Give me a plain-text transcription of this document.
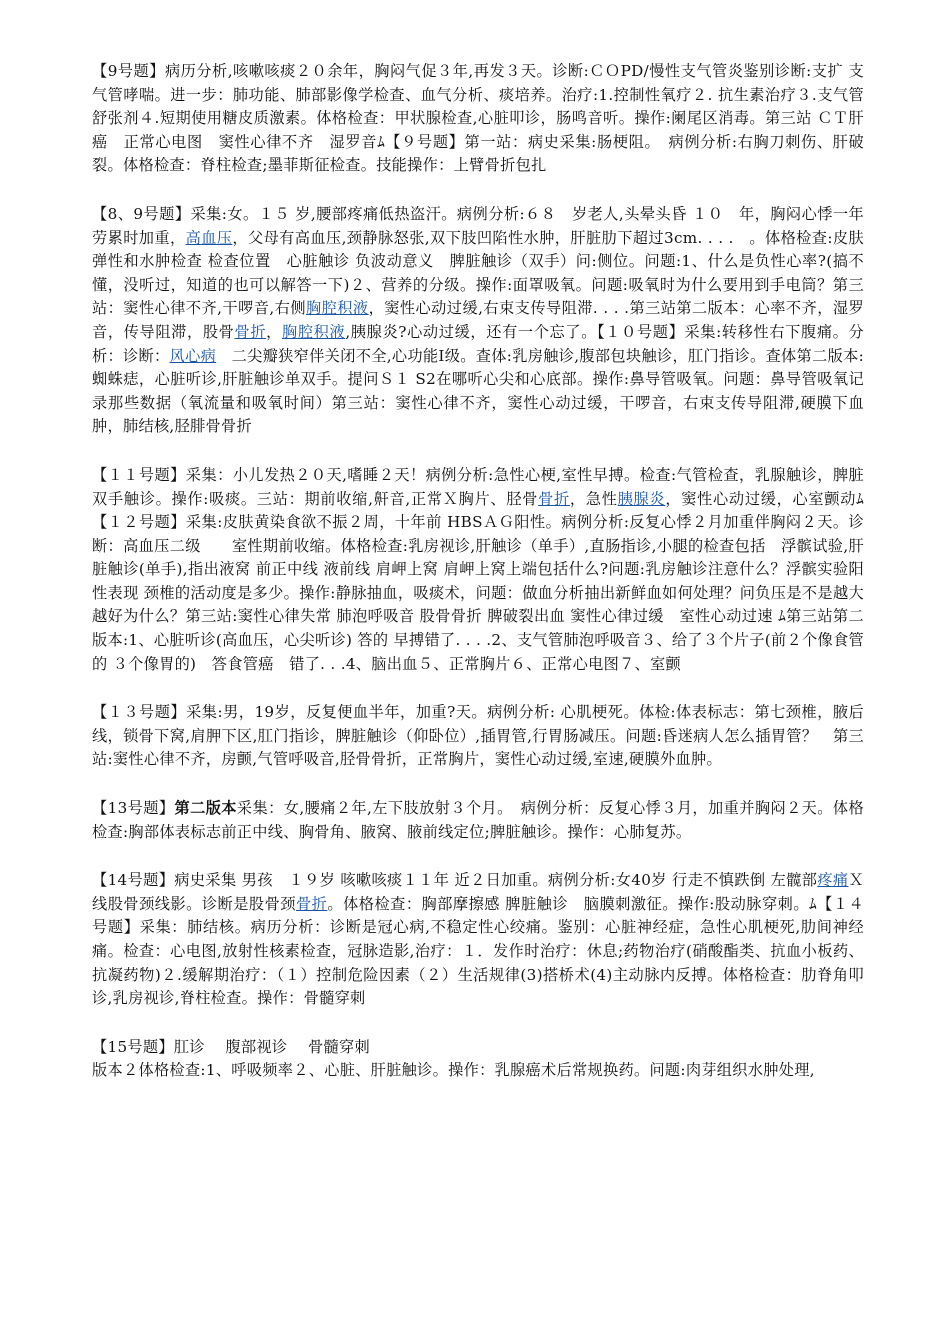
【9号题】病历分析,咳嗽咳痰２０余年，胸闷气促３年,再发３天。诊断:ＣＯPD/慢性支气管炎鉴别诊断:支扩 支气管哮喘。进一步：肺功能、肺部影像学检查、血气分析、痰培养。治疗:1.控制性氧疗２. 抗生素治疗３.支气管舒张剂４.短期使用糖皮质激素。体格检查：甲状腺检查,心脏叩诊，肠鸣音听。操作:阑尾区消毒。第三站 ＣＴ肝癌　正常心电图　窦性心律不齐　湿罗音ﾑ【９号题】第一站：病史采集:肠梗阻。　病例分析:右胸刀刺伤、肝破裂。体格检查：脊柱检查;墨菲斯征检查。技能操作：上臂骨折包扎

【8、9号题】采集:女。１５ 岁,腰部疼痛低热盗汗。病例分析:６８　岁老人,头晕头昏 １０　年，胸闷心悸一年劳累时加重，高血压，父母有高血压,颈静脉怒张,双下肢凹陷性水肿，肝脏肋下超过3cm. . . .　。体格检查:皮肤弹性和水肿检查 检查位置　心脏触诊 负波动意义　脾脏触诊（双手）问:侧位。问题:1、什么是负性心率?(搞不懂，没听过，知道的也可以解答一下)２、营养的分级。操作:面罩吸氧。问题:吸氧时为什么要用到手电筒？第三站：窦性心律不齐,干啰音,右侧胸腔积液，窦性心动过缓,右束支传导阻滞. . . .第三站第二版本：心率不齐，湿罗音，传导阻滞，股骨骨折，胸腔积液,胰腺炎?心动过缓，还有一个忘了。【１０号题】采集:转移性右下腹痛。分析：诊断：风心病　二尖瓣狭窄伴关闭不全,心功能Ⅰ级。查体:乳房触诊,腹部包块触诊，肛门指诊。查体第二版本:蜘蛛痣，心脏听诊,肝脏触诊单双手。提问Ｓ１ S2在哪听心尖和心底部。操作:鼻导管吸氧。问题：鼻导管吸氧记录那些数据（氧流量和吸氧时间）第三站：窦性心律不齐，窦性心动过缓，干啰音，右束支传导阻滞,硬膜下血肿，肺结核,胫腓骨骨折

【１１号题】采集：小儿发热２０天,嗜睡２天！病例分析:急性心梗,室性早搏。检查:气管检查，乳腺触诊，脾脏双手触诊。操作:吸痰。三站：期前收缩,鼾音,正常Ｘ胸片、胫骨骨折，急性胰腺炎，窦性心动过缓，心室颤动ﾑ【１２号题】采集:皮肤黄染食欲不振２周，十年前 HBSＡＧ阳性。病例分析:反复心悸２月加重伴胸闷２天。诊断：高血压二级　　室性期前收缩。体格检查:乳房视诊,肝触诊（单手）,直肠指诊,小腿的检查包括　浮髌试验,肝脏触诊(单手),指出液窝 前正中线 液前线 肩岬上窝 肩岬上窝上端包括什么?问题:乳房触诊注意什么？浮髌实验阳性表现 颈椎的活动度是多少。操作:静脉抽血，吸痰术，问题：做血分析抽出新鲜血如何处理？问负压是不是越大越好为什么？第三站:窦性心律失常 肺泡呼吸音 股骨骨折 脾破裂出血 窦性心律过缓　室性心动过速 ﾑ第三站第二版本:1、心脏听诊(高血压，心尖听诊) 答的 早搏错了. . . .2、支气管肺泡呼吸音３、给了３个片子(前２个像食管的 ３个像胃的)　答食管癌　错了. . .4、脑出血５、正常胸片６、正常心电图７、室颤

【１３号题】采集:男，19岁，反复便血半年，加重?天。病例分析: 心肌梗死。体检:体表标志：第七颈椎，腋后线，锁骨下窝,肩胛下区,肛门指诊，脾脏触诊（仰卧位）,插胃管,行胃肠减压。问题:昏迷病人怎么插胃管？　第三站:窦性心律不齐，房颤,气管呼吸音,胫骨骨折，正常胸片，窦性心动过缓,室速,硬膜外血肿。

【13号题】第二版本采集：女,腰痛２年,左下肢放射３个月。　病例分析：反复心悸３月，加重并胸闷２天。体格检查:胸部体表标志前正中线、胸骨角、腋窝、腋前线定位;脾脏触诊。操作：心肺复苏。

【14号题】病史采集 男孩　１９岁 咳嗽咳痰１１年 近２日加重。病例分析:女40岁 行走不慎跌倒 左髋部疼痛Ｘ线股骨颈线影。诊断是股骨颈骨折。体格检查：胸部摩擦感 脾脏触诊　脑膜刺激征。操作:股动脉穿刺。ﾑ【１４号题】采集：肺结核。病历分析：诊断是冠心病,不稳定性心绞痛。鉴别：心脏神经症，急性心肌梗死,肋间神经痛。检查：心电图,放射性核素检查，冠脉造影,治疗：１．发作时治疗：休息;药物治疗(硝酸酯类、抗血小板药、抗凝药物)２.缓解期治疗：（１）控制危险因素（２）生活规律(3)搭桥术(4)主动脉内反搏。体格检查：肋脊角叩诊,乳房视诊,脊柱检查。操作：骨髓穿刺

【15号题】肛诊　 腹部视诊　 骨髓穿刺
版本２体格检查:1、呼吸频率２、心脏、肝脏触诊。操作：乳腺癌术后常规换药。问题:肉芽组织水肿处理,
